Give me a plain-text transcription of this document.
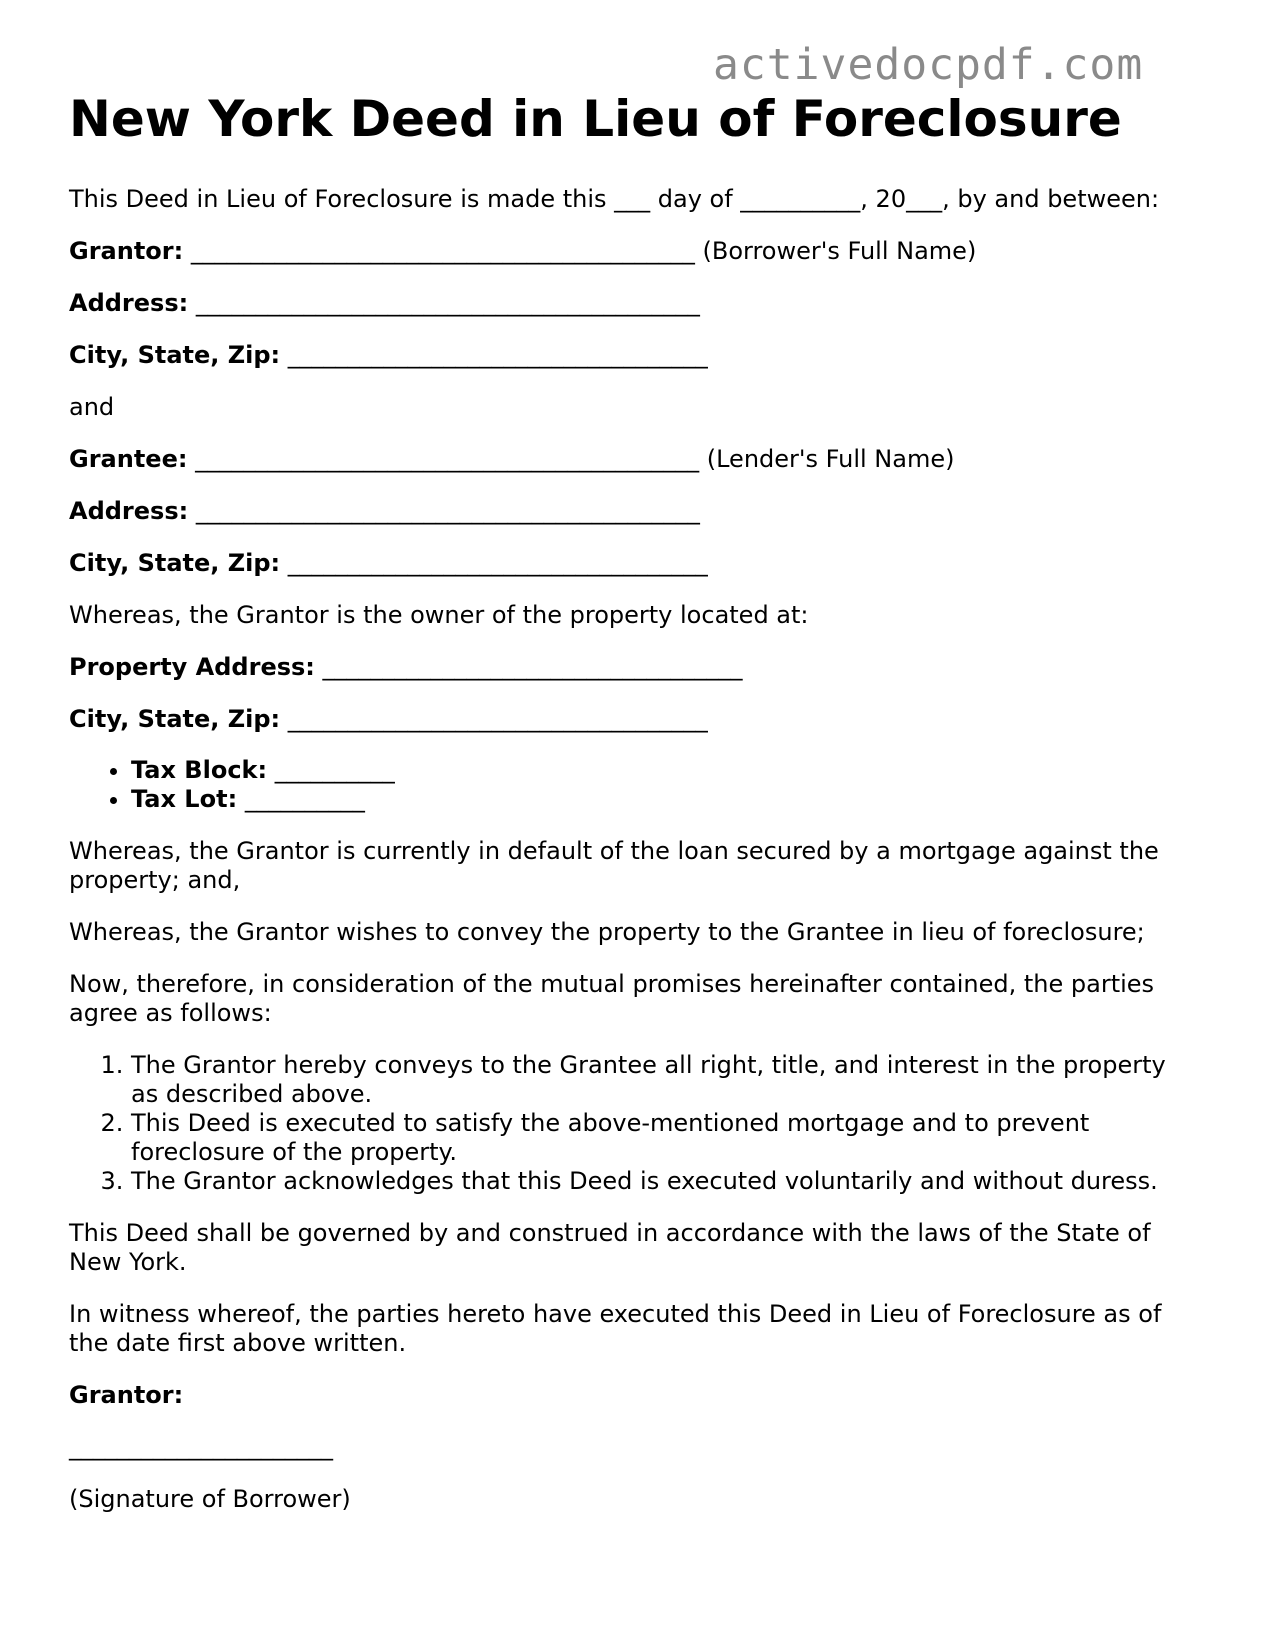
activedocpdf.com
New York Deed in Lieu of Foreclosure

This Deed in Lieu of Foreclosure is made this ___ day of __________, 20___, by and between:

Grantor: __________________________________________ (Borrower's Full Name)

Address: __________________________________________

City, State, Zip: ___________________________________

and

Grantee: __________________________________________ (Lender's Full Name)

Address: __________________________________________

City, State, Zip: ___________________________________

Whereas, the Grantor is the owner of the property located at:

Property Address: ___________________________________

City, State, Zip: ___________________________________

• Tax Block: __________
• Tax Lot: __________

Whereas, the Grantor is currently in default of the loan secured by a mortgage against the property; and,

Whereas, the Grantor wishes to convey the property to the Grantee in lieu of foreclosure;

Now, therefore, in consideration of the mutual promises hereinafter contained, the parties agree as follows:

1. The Grantor hereby conveys to the Grantee all right, title, and interest in the property as described above.
2. This Deed is executed to satisfy the above-mentioned mortgage and to prevent foreclosure of the property.
3. The Grantor acknowledges that this Deed is executed voluntarily and without duress.

This Deed shall be governed by and construed in accordance with the laws of the State of New York.

In witness whereof, the parties hereto have executed this Deed in Lieu of Foreclosure as of the date first above written.

Grantor:

______________________

(Signature of Borrower)
